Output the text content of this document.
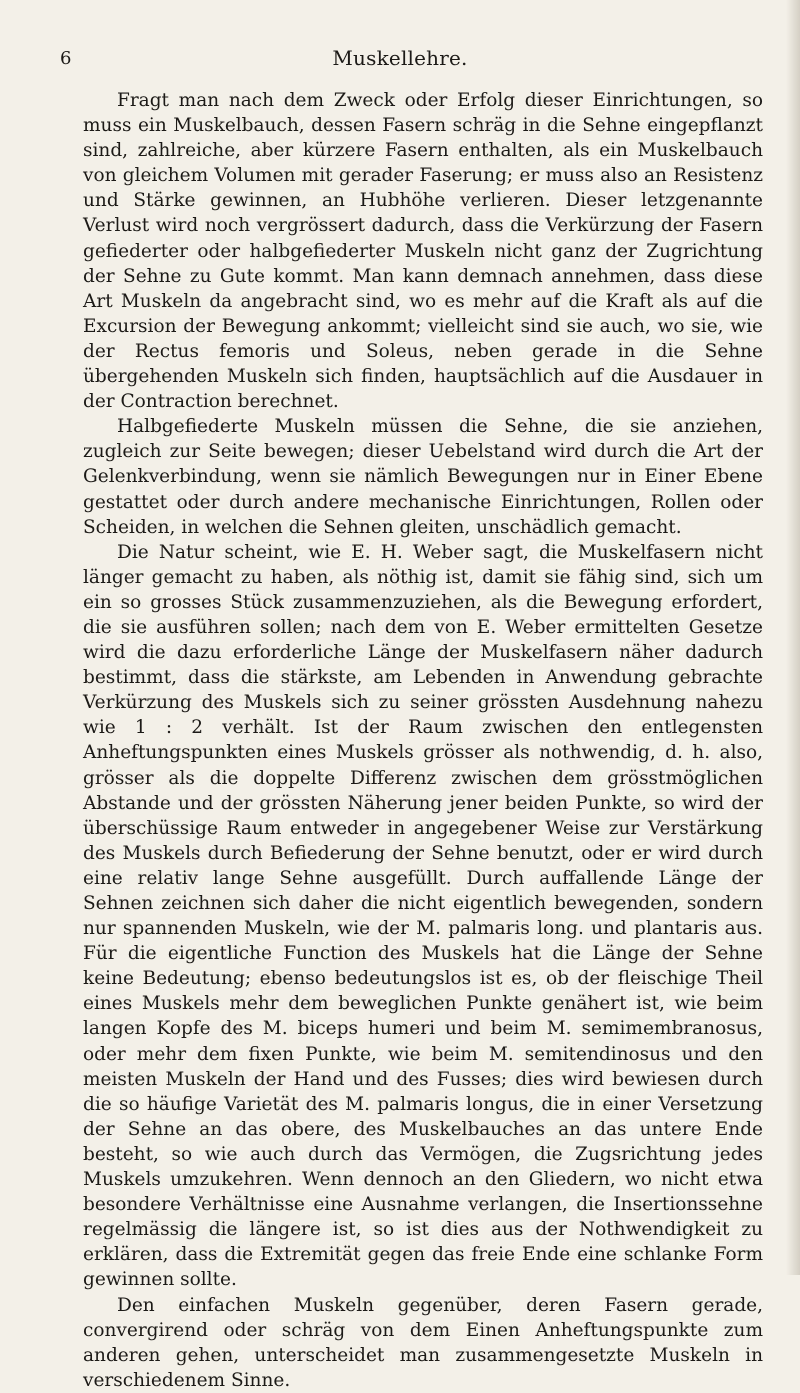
6	Muskellehre.

Fragt man nach dem Zweck oder Erfolg dieser Einrichtungen, so muss ein Muskelbauch, dessen Fasern schräg in die Sehne eingepflanzt sind, zahlreiche, aber kürzere Fasern enthalten, als ein Muskelbauch von gleichem Volumen mit gerader Faserung; er muss also an Resistenz und Stärke gewinnen, an Hubhöhe verlieren. Dieser letzgenannte Verlust wird noch vergrössert dadurch, dass die Verkürzung der Fasern gefiederter oder halbgefiederter Muskeln nicht ganz der Zugrichtung der Sehne zu Gute kommt. Man kann demnach annehmen, dass diese Art Muskeln da angebracht sind, wo es mehr auf die Kraft als auf die Excursion der Bewegung ankommt; vielleicht sind sie auch, wo sie, wie der Rectus femoris und Soleus, neben gerade in die Sehne übergehenden Muskeln sich finden, hauptsächlich auf die Ausdauer in der Contraction berechnet.

Halbgefiederte Muskeln müssen die Sehne, die sie anziehen, zugleich zur Seite bewegen; dieser Uebelstand wird durch die Art der Gelenkverbindung, wenn sie nämlich Bewegungen nur in Einer Ebene gestattet oder durch andere mechanische Einrichtungen, Rollen oder Scheiden, in welchen die Sehnen gleiten, unschädlich gemacht.

Die Natur scheint, wie E. H. Weber sagt, die Muskelfasern nicht länger gemacht zu haben, als nöthig ist, damit sie fähig sind, sich um ein so grosses Stück zusammenzuziehen, als die Bewegung erfordert, die sie ausführen sollen; nach dem von E. Weber ermittelten Gesetze wird die dazu erforderliche Länge der Muskelfasern näher dadurch bestimmt, dass die stärkste, am Lebenden in Anwendung gebrachte Verkürzung des Muskels sich zu seiner grössten Ausdehnung nahezu wie 1 : 2 verhält. Ist der Raum zwischen den entlegensten Anheftungspunkten eines Muskels grösser als nothwendig, d. h. also, grösser als die doppelte Differenz zwischen dem grösstmöglichen Abstande und der grössten Näherung jener beiden Punkte, so wird der überschüssige Raum entweder in angegebener Weise zur Verstärkung des Muskels durch Befiederung der Sehne benutzt, oder er wird durch eine relativ lange Sehne ausgefüllt. Durch auffallende Länge der Sehnen zeichnen sich daher die nicht eigentlich bewegenden, sondern nur spannenden Muskeln, wie der M. palmaris long. und plantaris aus. Für die eigentliche Function des Muskels hat die Länge der Sehne keine Bedeutung; ebenso bedeutungslos ist es, ob der fleischige Theil eines Muskels mehr dem beweglichen Punkte genähert ist, wie beim langen Kopfe des M. biceps humeri und beim M. semimembranosus, oder mehr dem fixen Punkte, wie beim M. semitendinosus und den meisten Muskeln der Hand und des Fusses; dies wird bewiesen durch die so häufige Varietät des M. palmaris longus, die in einer Versetzung der Sehne an das obere, des Muskelbauches an das untere Ende besteht, so wie auch durch das Vermögen, die Zugsrichtung jedes Muskels umzukehren. Wenn dennoch an den Gliedern, wo nicht etwa besondere Verhältnisse eine Ausnahme verlangen, die Insertionssehne regelmässig die längere ist, so ist dies aus der Nothwendigkeit zu erklären, dass die Extremität gegen das freie Ende eine schlanke Form gewinnen sollte.

Den einfachen Muskeln gegenüber, deren Fasern gerade, convergirend oder schräg von dem Einen Anheftungspunkte zum anderen gehen, unterscheidet man zusammengesetzte Muskeln in verschiedenem Sinne.
